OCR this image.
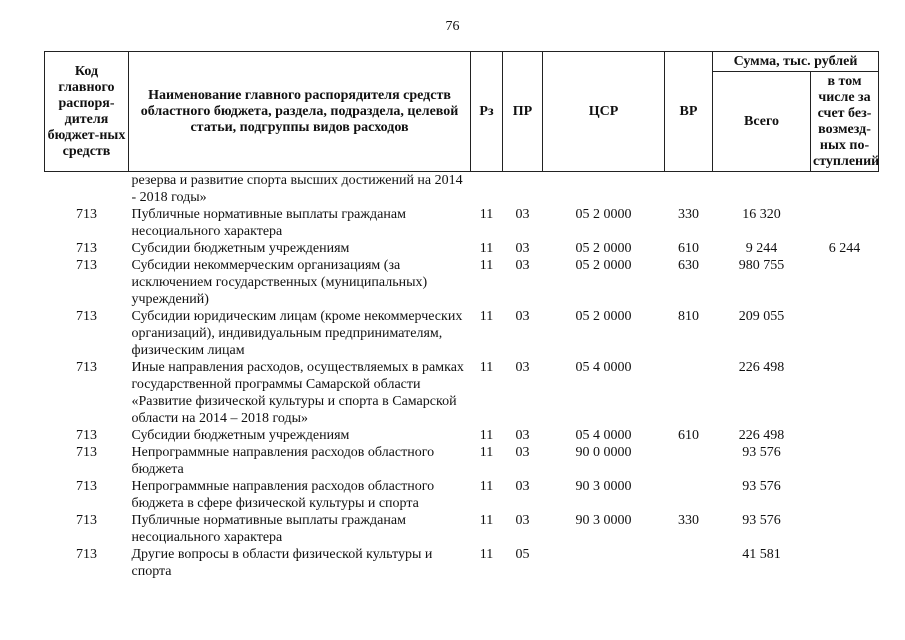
76
Код главного распоря-дителя бюджет-ных средств	Наименование главного распорядителя средств областного бюджета, раздела, подраздела, целевой статьи, подгруппы видов расходов	Рз	ПР	ЦСР	ВР	Сумма, тыс. рублей	
						Всего	в том числе за счет без-возмезд-ных по-ступлений
	резерва и развитие спорта высших достижений на 2014 - 2018 годы»						
713	Публичные нормативные выплаты гражданам несоциального характера	11	03	05 2 0000	330	16 320	
713	Субсидии бюджетным учреждениям	11	03	05 2 0000	610	9 244	6 244
713	Субсидии некоммерческим организациям (за исключением государственных (муниципальных) учреждений)	11	03	05 2 0000	630	980 755	
713	Субсидии юридическим лицам (кроме некоммерческих организаций), индивидуальным предпринимателям, физическим лицам	11	03	05 2 0000	810	209 055	
713	Иные направления расходов, осуществляемых в рамках государственной программы Самарской области «Развитие физической культуры и спорта в Самарской области на 2014 – 2018 годы»	11	03	05 4 0000		226 498	
713	Субсидии бюджетным учреждениям	11	03	05 4 0000	610	226 498	
713	Непрограммные направления расходов областного бюджета	11	03	90 0 0000		93 576	
713	Непрограммные направления расходов областного бюджета в сфере физической культуры и спорта	11	03	90 3 0000		93 576	
713	Публичные нормативные выплаты гражданам несоциального характера	11	03	90 3 0000	330	93 576	
713	Другие вопросы в области физической культуры и спорта	11	05			41 581	
